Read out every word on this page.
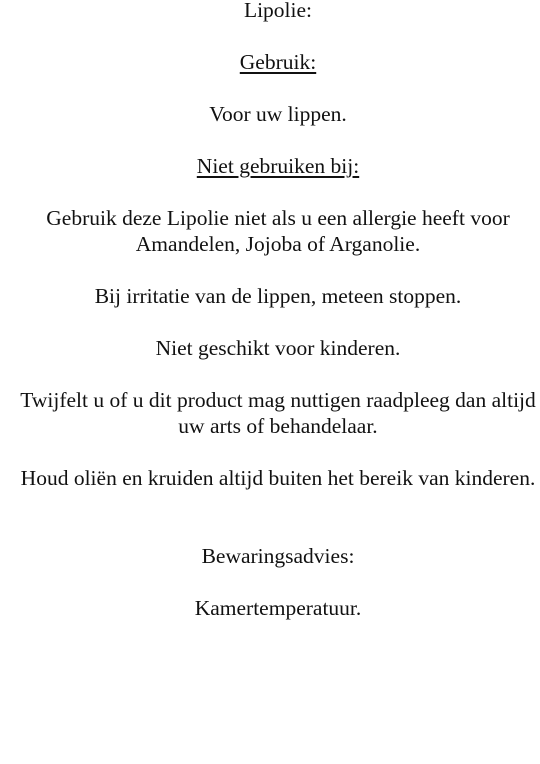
Lipolie:

Gebruik:

Voor uw lippen.

Niet gebruiken bij:

Gebruik deze Lipolie niet als u een allergie heeft voor Amandelen, Jojoba of Arganolie.

Bij irritatie van de lippen, meteen stoppen.

Niet geschikt voor kinderen.

Twijfelt u of u dit product mag nuttigen raadpleeg dan altijd uw arts of behandelaar.

Houd oliën en kruiden altijd buiten het bereik van kinderen.

Bewaringsadvies:

Kamertemperatuur.
